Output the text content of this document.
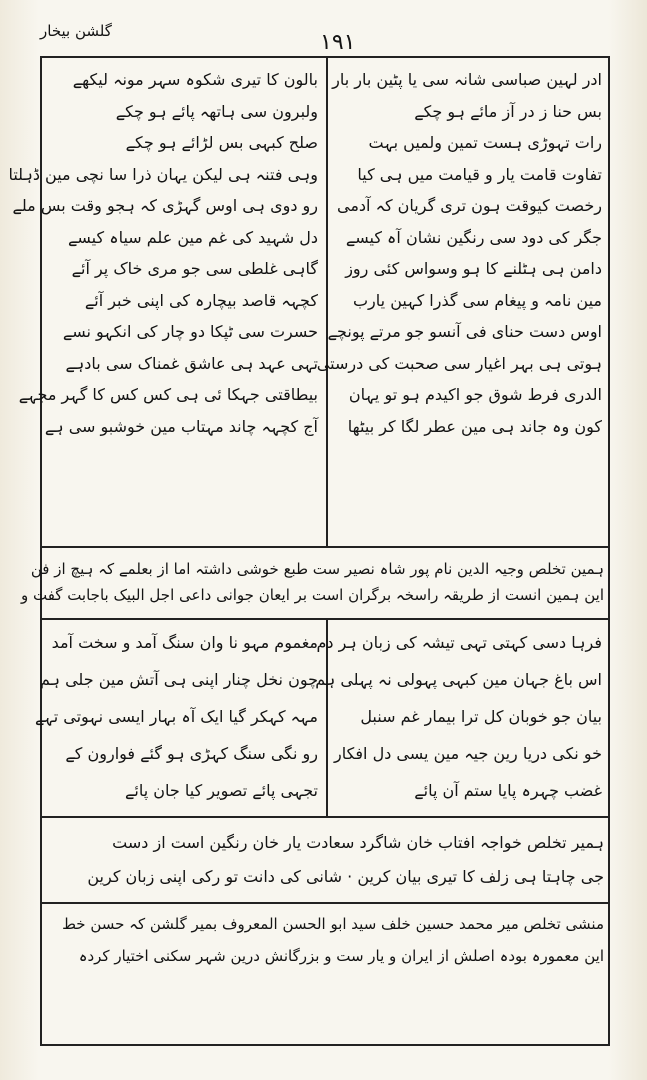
گلشن بیخار	۱۹۱
ادر لہین صباسی شانہ سی یا پٹین بار بار
بس حنا ز در آز مائے ہو چکے
رات تہوڑی ہست تمین ولمیں بہت
تفاوت قامت یار و قیامت میں ہی کیا
رخصت کیوقت ہون تری گریان کہ آدمی
جگر کی دود سی رنگین نشان آہ کیسے
دامن ہی ہٹلنے کا ہو وسواس کئی روز
مین نامہ و پیغام سی گذرا کہین یارب
اوس دست حنای فی آنسو جو مرتے پونچے
ہوتی ہی بہر اغیار سی صحبت کی درستی
الدری فرط شوق جو اکیدم ہو تو یہان
کون وہ جاند ہی مین عطر لگا کر بیٹھا
بالون کا تیری شکوہ سہر مونہ لیکھے
ولبرون سی ہاتھہ پائے ہو چکے
صلح کبہی بس لڑائے ہو چکے
وہی فتنہ ہی لیکن یہان ذرا سا نچی مین ڈہلتا
رو دوی ہی اوس گہڑی کہ ہجو وقت بس ملے
دل شہید کی غم مین علم سیاہ کیسے
گاہی غلطی سی جو مری خاک پر آئے
کچہہ قاصد بیچارہ کی اپنی خبر آئے
حسرت سی ٹپکا دو چار کی انکہو نسے
تہی عہد ہی عاشق غمناک سی بادہے
بیطاقتی جہکا ئی ہی کس کس کا گہر مجہے
آج کچہہ چاند مہتاب مین خوشبو سی ہے
ہمین تخلص وجیہ الدین نام پور شاہ نصیر ست طبع خوشی داشتہ اما از بعلمے کہ ہیچ از فن
این ہمین انست از طریقہ راسخہ برگران است بر ایعان جوانی داعی اجل البیک باجابت گفت و
فرہا دسی کہتی تہی تیشہ کی زبان ہر دم
اس باغ جہان مین کبہی پہولی نہ پہلی ہم
بیان جو خوبان کل ترا بیمار غم سنبل
خو نکی دریا رین جیہ مین یسی دل افکار
غضب چہرہ پایا ستم آن پائے
مغموم مہو نا وان سنگ آمد و سخت آمد
چون نخل چنار اپنی ہی آتش مین جلی ہم
مہہ کہکر گیا ایک آہ بہار ایسی نہوتی تہے
رو نگی سنگ کہڑی ہو گئے فوارون کے
تجہی پائے تصویر کیا جان پائے
ہمیر تخلص خواجہ افتاب خان شاگرد سعادت یار خان رنگین است از دست
جی چاہتا ہی زلف کا تیری بیان کرین · شانی کی دانت تو رکی اپنی زبان کرین
منشی تخلص میر محمد حسین خلف سید ابو الحسن المعروف بمیر گلشن کہ حسن خط
این معمورہ بودہ اصلش از ایران و یار ست و بزرگانش درین شہر سکنی اختیار کردہ
